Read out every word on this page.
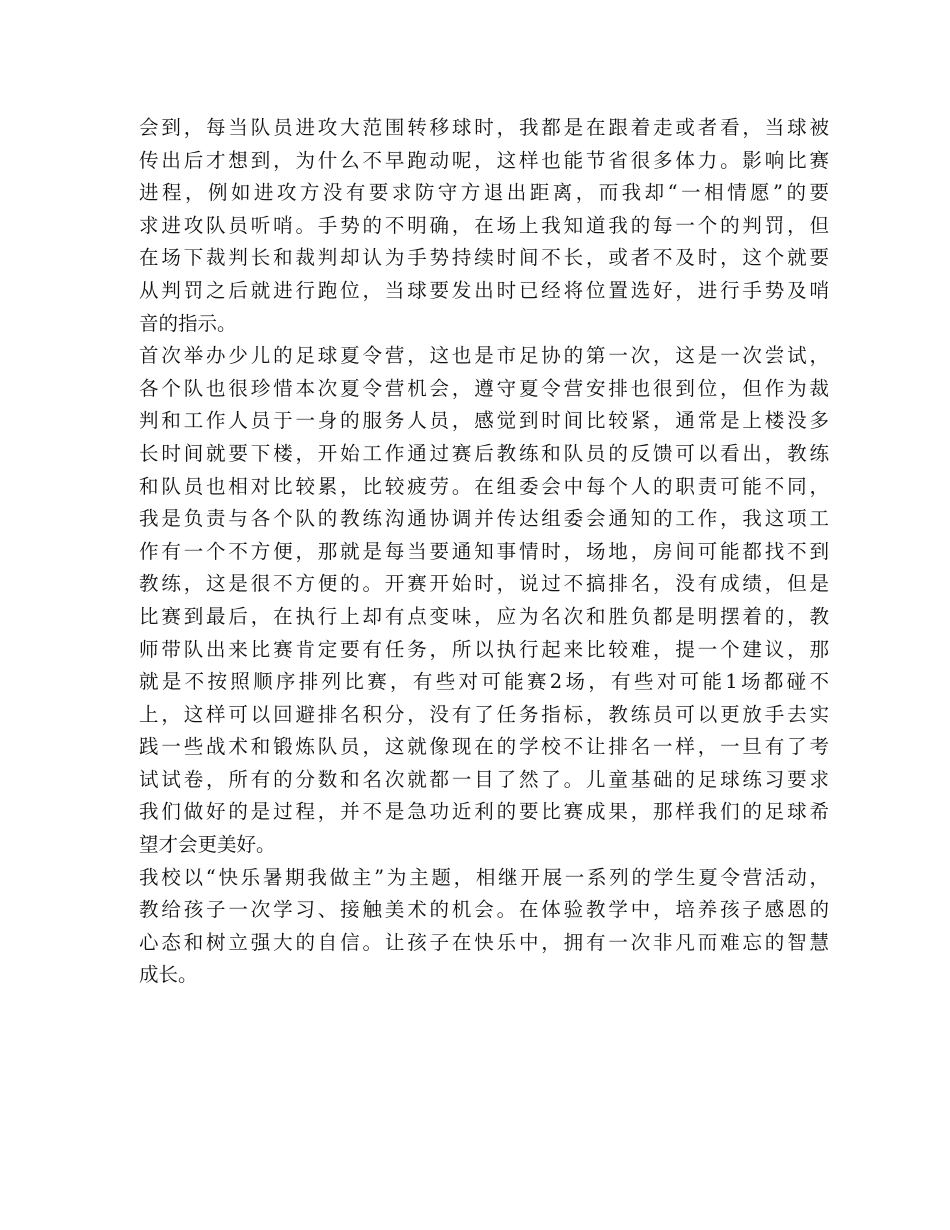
会到，每当队员进攻大范围转移球时，我都是在跟着走或者看，当球被
传出后才想到，为什么不早跑动呢，这样也能节省很多体力。影响比赛
进程，例如进攻方没有要求防守方退出距离，而我却“一相情愿”的要
求进攻队员听哨。手势的不明确，在场上我知道我的每一个的判罚，但
在场下裁判长和裁判却认为手势持续时间不长，或者不及时，这个就要
从判罚之后就进行跑位，当球要发出时已经将位置选好，进行手势及哨
音的指示。
首次举办少儿的足球夏令营，这也是市足协的第一次，这是一次尝试，
各个队也很珍惜本次夏令营机会，遵守夏令营安排也很到位，但作为裁
判和工作人员于一身的服务人员，感觉到时间比较紧，通常是上楼没多
长时间就要下楼，开始工作通过赛后教练和队员的反馈可以看出，教练
和队员也相对比较累，比较疲劳。在组委会中每个人的职责可能不同，
我是负责与各个队的教练沟通协调并传达组委会通知的工作，我这项工
作有一个不方便，那就是每当要通知事情时，场地，房间可能都找不到
教练，这是很不方便的。开赛开始时，说过不搞排名，没有成绩，但是
比赛到最后，在执行上却有点变味，应为名次和胜负都是明摆着的，教
师带队出来比赛肯定要有任务，所以执行起来比较难，提一个建议，那
就是不按照顺序排列比赛，有些对可能赛2场，有些对可能1场都碰不
上，这样可以回避排名积分，没有了任务指标，教练员可以更放手去实
践一些战术和锻炼队员，这就像现在的学校不让排名一样，一旦有了考
试试卷，所有的分数和名次就都一目了然了。儿童基础的足球练习要求
我们做好的是过程，并不是急功近利的要比赛成果，那样我们的足球希
望才会更美好。
我校以“快乐暑期我做主”为主题，相继开展一系列的学生夏令营活动，
教给孩子一次学习、接触美术的机会。在体验教学中，培养孩子感恩的
心态和树立强大的自信。让孩子在快乐中，拥有一次非凡而难忘的智慧
成长。
